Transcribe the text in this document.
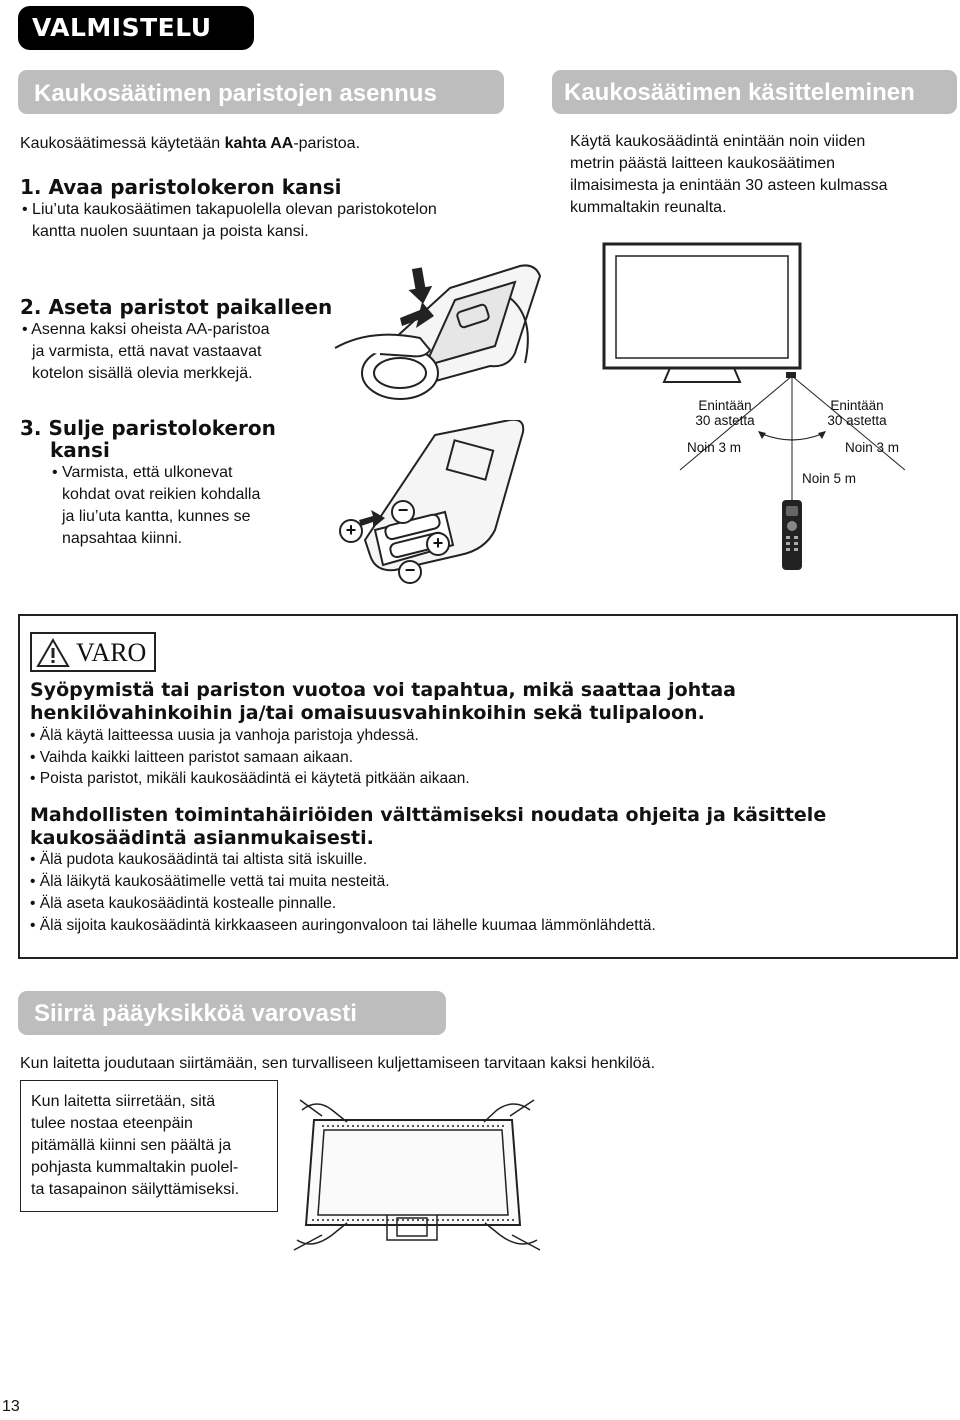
VALMISTELU
Kaukosäätimen paristojen asennus
Kaukosäätimessä käytetään kahta AA-paristoa.
1. Avaa paristolokeron kansi
• Liu’uta kaukosäätimen takapuolella olevan paristokotelon
kantta nuolen suuntaan ja poista kansi.
2. Aseta paristot paikalleen
• Asenna kaksi oheista AA-paristoa
ja varmista, että navat vastaavat
kotelon sisällä olevia merkkejä.
3. Sulje paristolokeron
kansi
• Varmista, että ulkonevat
kohdat ovat reikien kohdalla
ja liu’uta kantta, kunnes se
napsahtaa kiinni.	+
−
+
−
Kaukosäätimen käsitteleminen
Käytä kaukosäädintä enintään noin viiden
metrin päästä laitteen kaukosäätimen
ilmaisimesta ja enintään 30 asteen kulmassa
kummaltakin reunalta.
Enintään
30 astetta
Enintään
30 astetta
Noin 3 m	Noin 3 m
Noin 5 m
VARO
Syöpymistä tai pariston vuotoa voi tapahtua, mikä saattaa johtaa
henkilövahinkoihin ja/tai omaisuusvahinkoihin sekä tulipaloon.
• Älä käytä laitteessa uusia ja vanhoja paristoja yhdessä.
• Vaihda kaikki laitteen paristot samaan aikaan.
• Poista paristot, mikäli kaukosäädintä ei käytetä pitkään aikaan.
Mahdollisten toimintahäiriöiden välttämiseksi noudata ohjeita ja käsittele
kaukosäädintä asianmukaisesti.
• Älä pudota kaukosäädintä tai altista sitä iskuille.
• Älä läikytä kaukosäätimelle vettä tai muita nesteitä.
• Älä aseta kaukosäädintä kostealle pinnalle.
• Älä sijoita kaukosäädintä kirkkaaseen auringonvaloon tai lähelle kuumaa lämmönlähdettä.
Siirrä pääyksikköä varovasti
Kun laitetta joudutaan siirtämään, sen turvalliseen kuljettamiseen tarvitaan kaksi henkilöä.
Kun laitetta siirretään, sitä
tulee nostaa eteenpäin
pitämällä kiinni sen päältä ja
pohjasta kummaltakin puolel-
ta tasapainon säilyttämiseksi.
13
